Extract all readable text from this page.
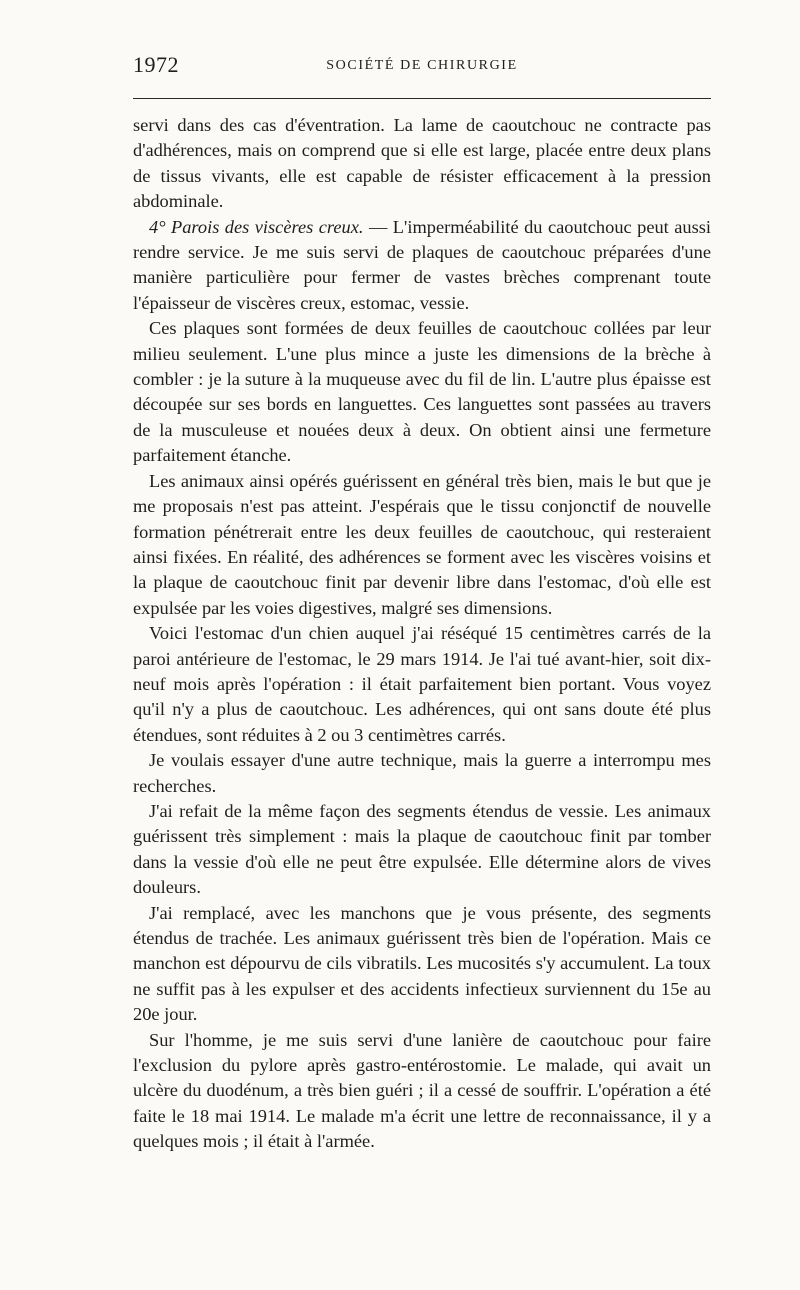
1972	SOCIÉTÉ DE CHIRURGIE

servi dans des cas d'éventration. La lame de caoutchouc ne contracte pas d'adhérences, mais on comprend que si elle est large, placée entre deux plans de tissus vivants, elle est capable de résister efficacement à la pression abdominale.

4° Parois des viscères creux. — L'imperméabilité du caoutchouc peut aussi rendre service. Je me suis servi de plaques de caoutchouc préparées d'une manière particulière pour fermer de vastes brèches comprenant toute l'épaisseur de viscères creux, estomac, vessie.

Ces plaques sont formées de deux feuilles de caoutchouc collées par leur milieu seulement. L'une plus mince a juste les dimensions de la brèche à combler : je la suture à la muqueuse avec du fil de lin. L'autre plus épaisse est découpée sur ses bords en languettes. Ces languettes sont passées au travers de la musculeuse et nouées deux à deux. On obtient ainsi une fermeture parfaitement étanche.

Les animaux ainsi opérés guérissent en général très bien, mais le but que je me proposais n'est pas atteint. J'espérais que le tissu conjonctif de nouvelle formation pénétrerait entre les deux feuilles de caoutchouc, qui resteraient ainsi fixées. En réalité, des adhérences se forment avec les viscères voisins et la plaque de caoutchouc finit par devenir libre dans l'estomac, d'où elle est expulsée par les voies digestives, malgré ses dimensions.

Voici l'estomac d'un chien auquel j'ai réséqué 15 centimètres carrés de la paroi antérieure de l'estomac, le 29 mars 1914. Je l'ai tué avant-hier, soit dix-neuf mois après l'opération : il était parfaitement bien portant. Vous voyez qu'il n'y a plus de caoutchouc. Les adhérences, qui ont sans doute été plus étendues, sont réduites à 2 ou 3 centimètres carrés.

Je voulais essayer d'une autre technique, mais la guerre a interrompu mes recherches.

J'ai refait de la même façon des segments étendus de vessie. Les animaux guérissent très simplement : mais la plaque de caoutchouc finit par tomber dans la vessie d'où elle ne peut être expulsée. Elle détermine alors de vives douleurs.

J'ai remplacé, avec les manchons que je vous présente, des segments étendus de trachée. Les animaux guérissent très bien de l'opération. Mais ce manchon est dépourvu de cils vibratils. Les mucosités s'y accumulent. La toux ne suffit pas à les expulser et des accidents infectieux surviennent du 15e au 20e jour.

Sur l'homme, je me suis servi d'une lanière de caoutchouc pour faire l'exclusion du pylore après gastro-entérostomie. Le malade, qui avait un ulcère du duodénum, a très bien guéri ; il a cessé de souffrir. L'opération a été faite le 18 mai 1914. Le malade m'a écrit une lettre de reconnaissance, il y a quelques mois ; il était à l'armée.
